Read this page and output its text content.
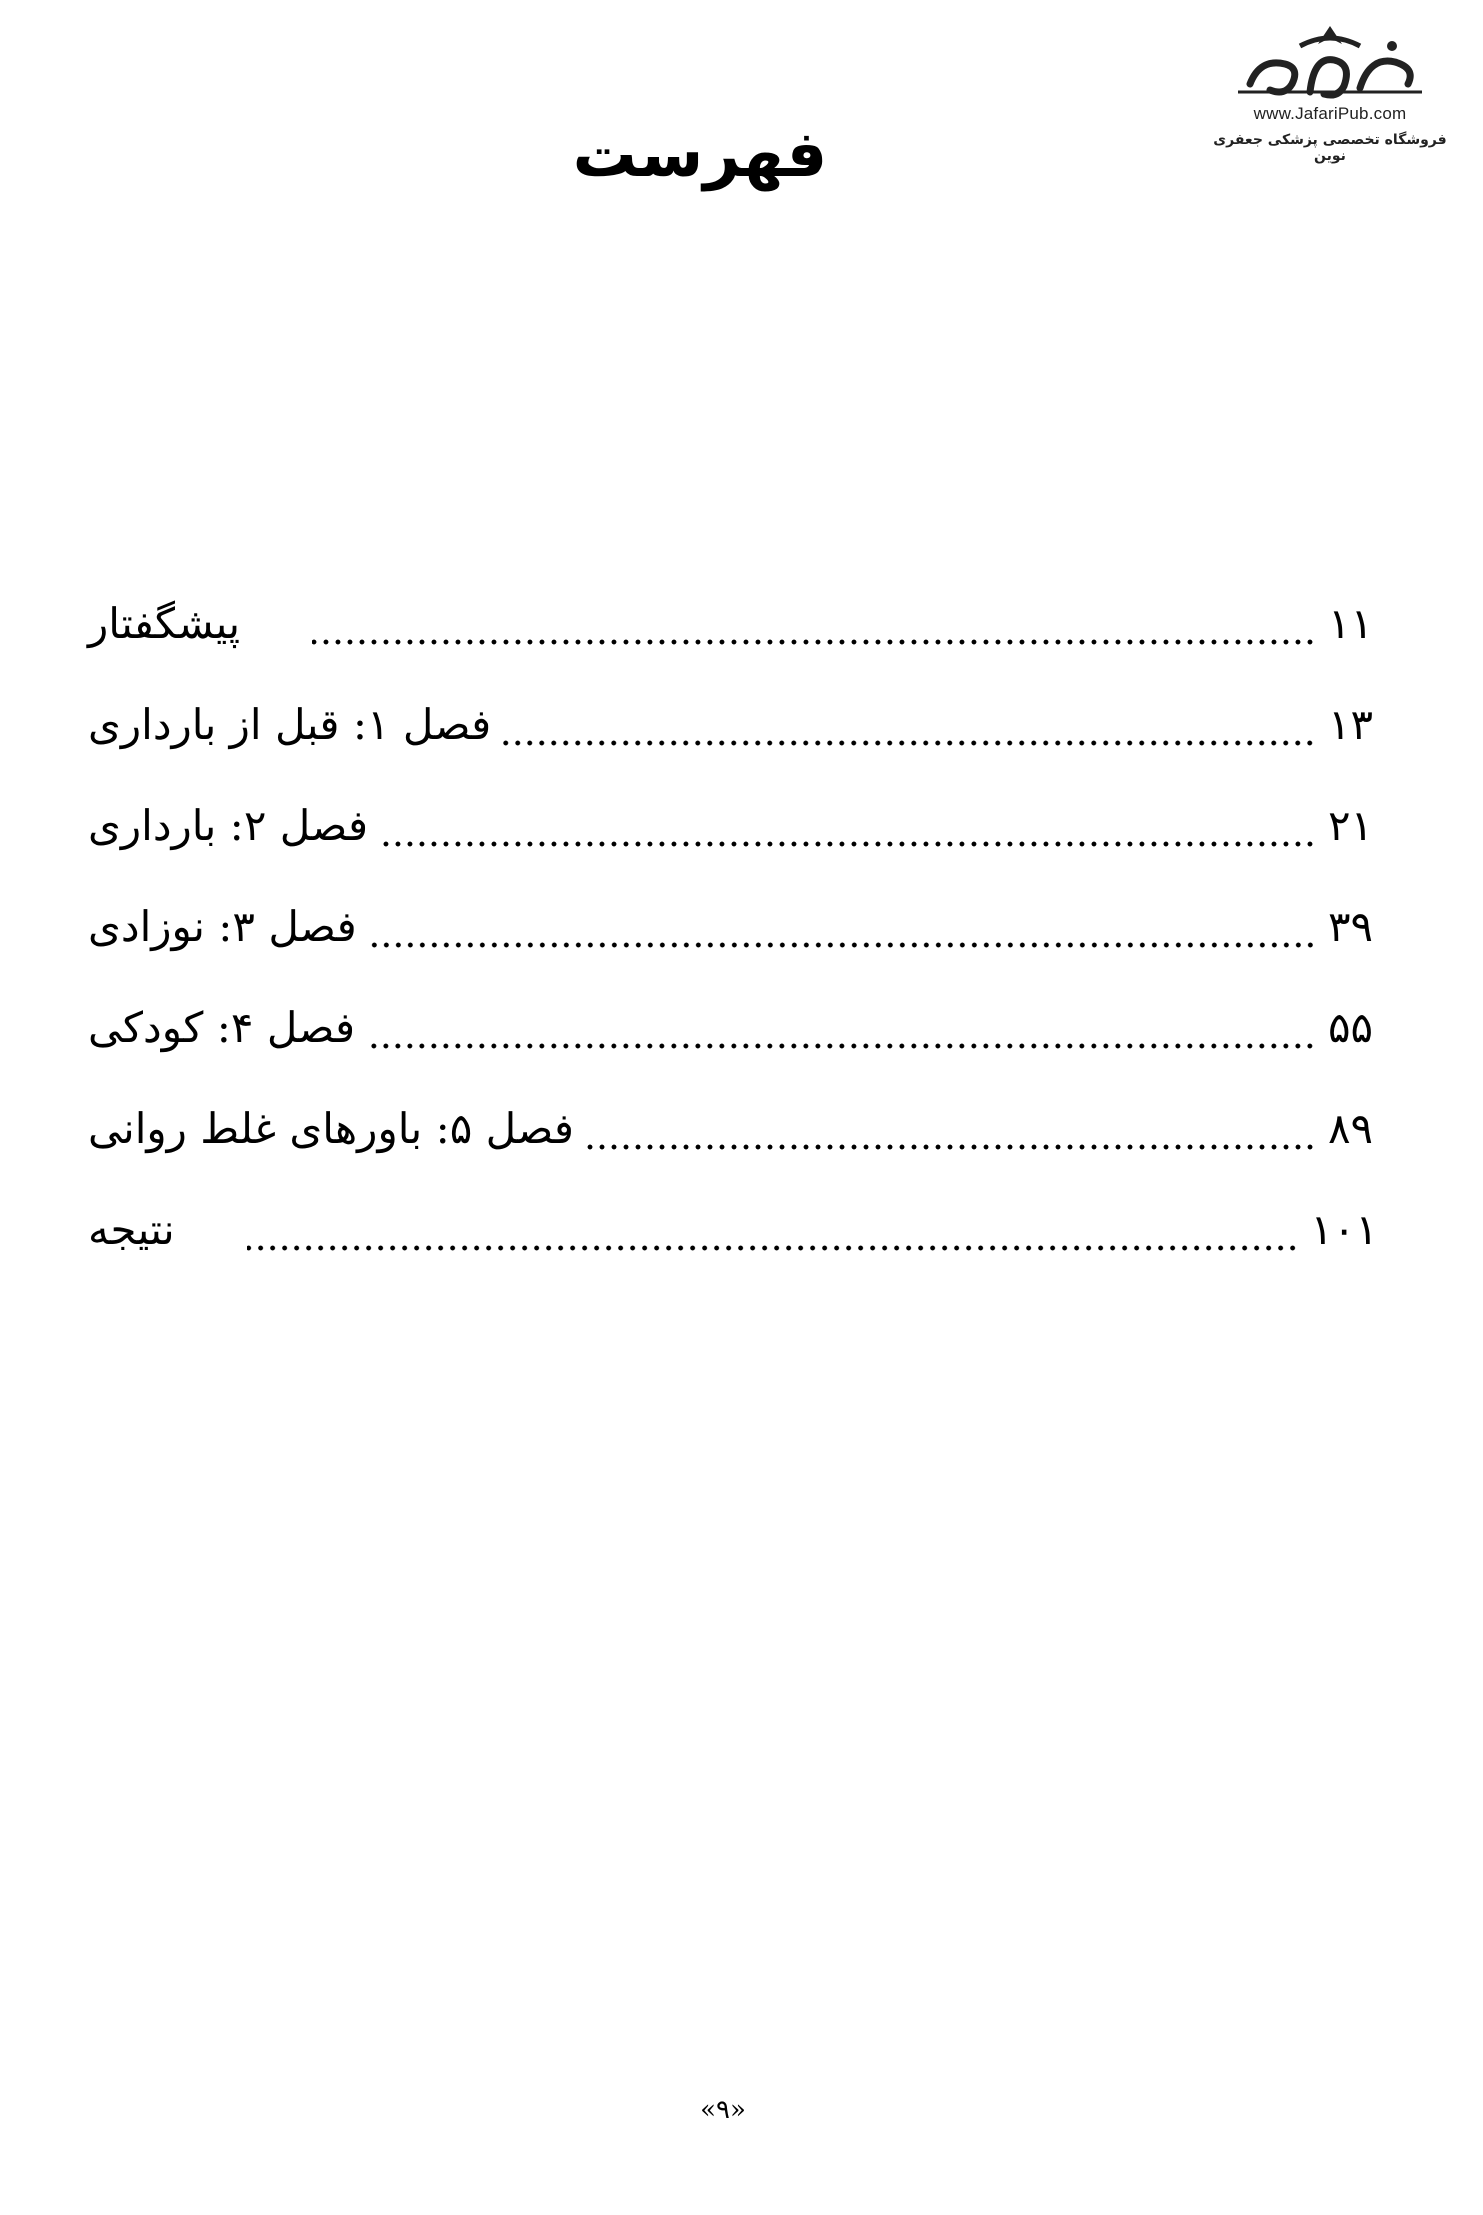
www.JafariPub.com
فروشگاه تخصصی پزشکی جعفری نوین
فهرست
پیشگفتار	۱۱
فصل ۱: قبل از بارداری	۱۳
فصل ۲: بارداری	۲۱
فصل ۳: نوزادی	۳۹
فصل ۴: کودکی	۵۵
فصل ۵: باورهای غلط روانی	۸۹
نتیجه	۱۰۱
«۹»
